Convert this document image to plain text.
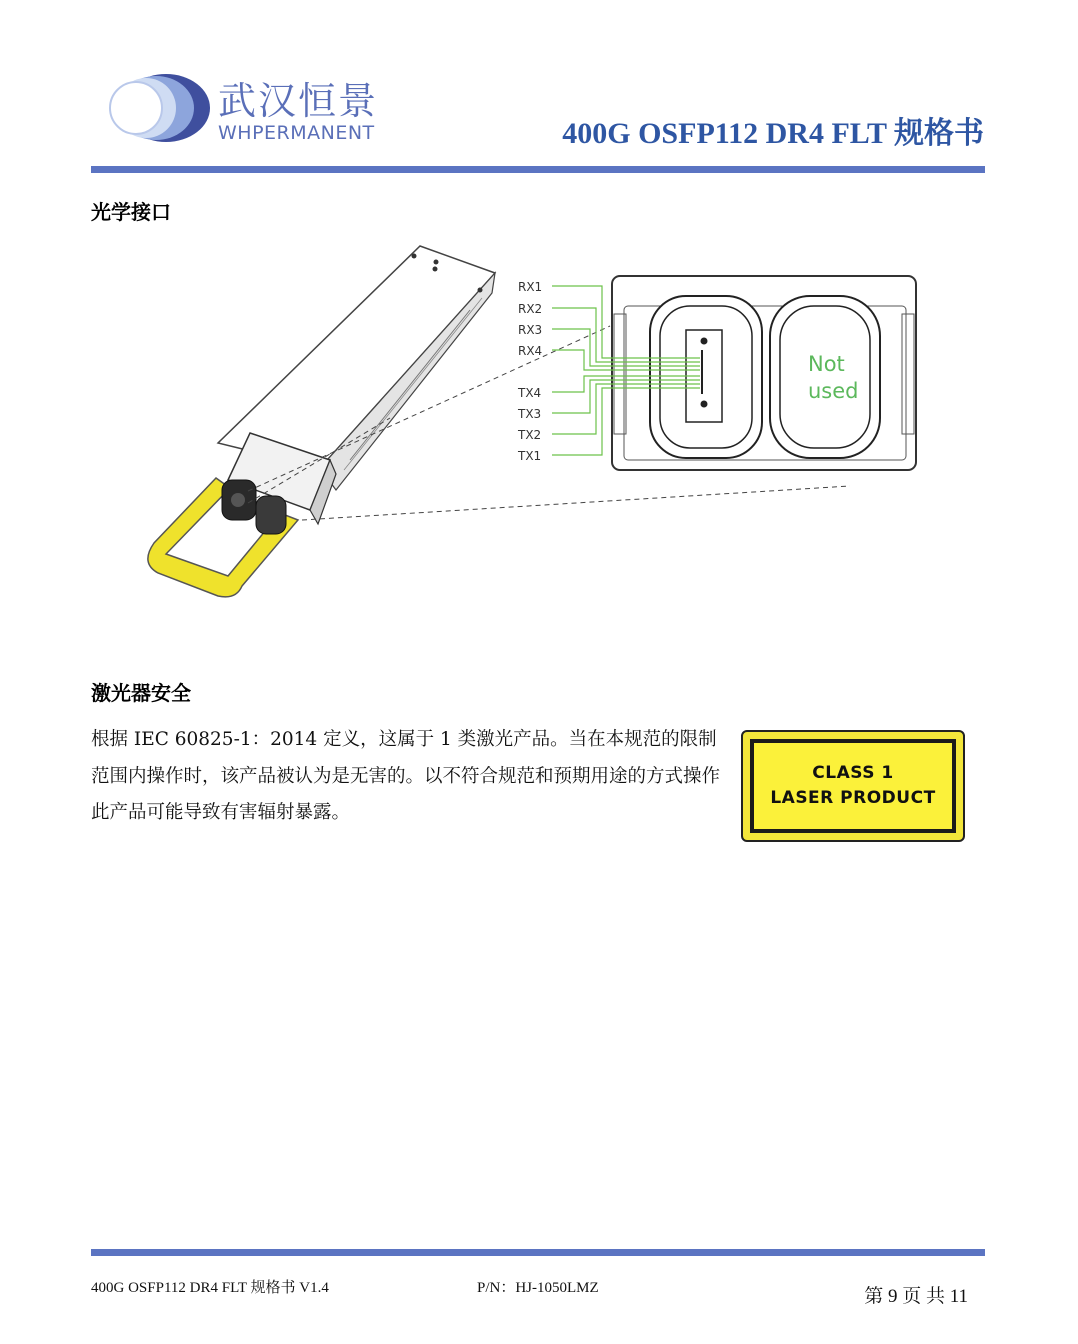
武汉恒景
WHPERMANENT	400G OSFP112 DR4 FLT 规格书
光学接口
RX1
RX2
RX3
RX4
TX4
TX3
TX2
TX1
Not
used
激光器安全
根据 IEC 60825-1：2014 定义，这属于 1 类激光产品。当在本规范的限制范围内操作时，该产品被认为是无害的。以不符合规范和预期用途的方式操作此产品可能导致有害辐射暴露。
CLASS 1
LASER PRODUCT
400G OSFP112 DR4 FLT 规格书 V1.4	P/N：HJ-1050LMZ	第 9 页 共 11
